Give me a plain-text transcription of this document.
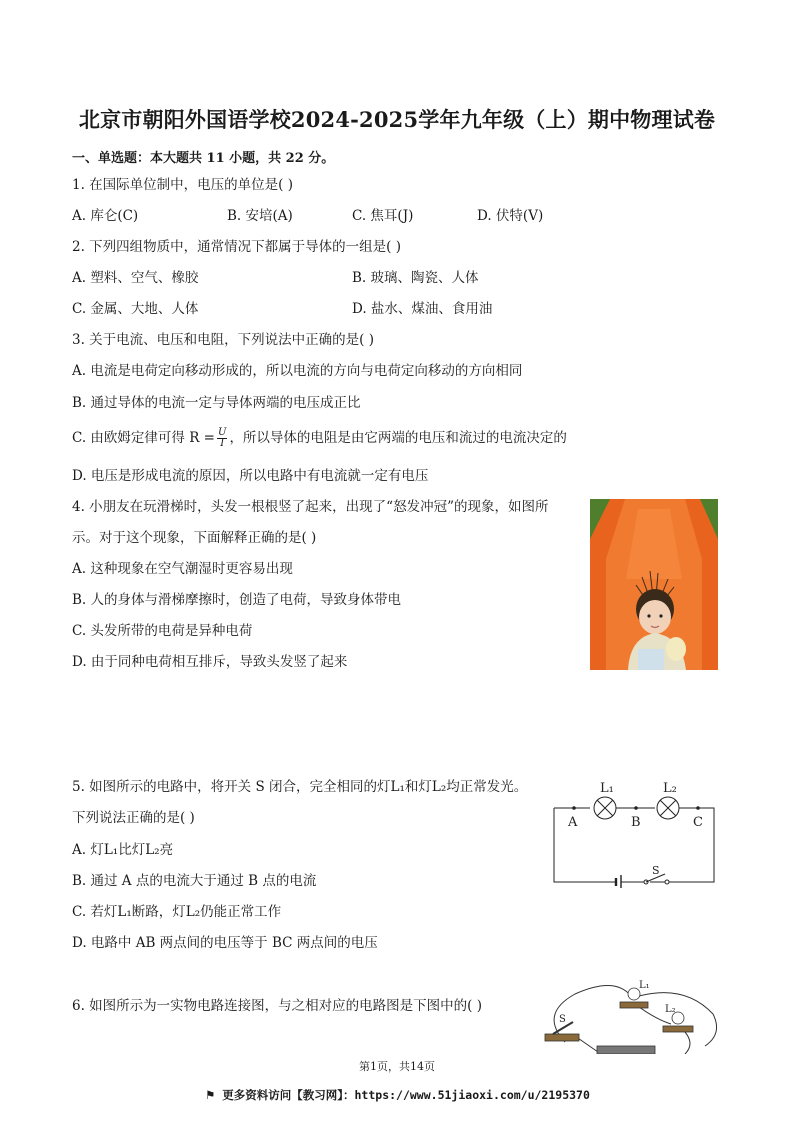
北京市朝阳外国语学校2024-2025学年九年级（上）期中物理试卷
一、单选题：本大题共 11 小题，共 22 分。
1. 在国际单位制中，电压的单位是( )
A. 库仑(C)	B. 安培(A)	C. 焦耳(J)	D. 伏特(V)
2. 下列四组物质中，通常情况下都属于导体的一组是( )
A. 塑料、空气、橡胶	B. 玻璃、陶瓷、人体
C. 金属、大地、人体	D. 盐水、煤油、食用油
3. 关于电流、电压和电阻，下列说法中正确的是( )
A. 电流是电荷定向移动形成的，所以电流的方向与电荷定向移动的方向相同
B. 通过导体的电流一定与导体两端的电压成正比
C. 由欧姆定律可得 $R = \frac{U}{I}$ ，所以导体的电阻是由它两端的电压和流过的电流决定的
D. 电压是形成电流的原因，所以电路中有电流就一定有电压
4. 小朋友在玩滑梯时，头发一根根竖了起来，出现了“怒发冲冠”的现象，如图所
示。对于这个现象，下面解释正确的是( )
A. 这种现象在空气潮湿时更容易出现
B. 人的身体与滑梯摩擦时，创造了电荷，导致身体带电
C. 头发所带的电荷是异种电荷
D. 由于同种电荷相互排斥，导致头发竖了起来
5. 如图所示的电路中，将开关 S 闭合，完全相同的灯L₁和灯L₂均正常发光。
下列说法正确的是( )
A. 灯L₁比灯L₂亮
B. 通过 A 点的电流大于通过 B 点的电流
C. 若灯L₁断路，灯L₂仍能正常工作
D. 电路中 AB 两点间的电压等于 BC 两点间的电压
L₁	L₂
A	B	C
S
6. 如图所示为一实物电路连接图，与之相对应的电路图是下图中的( )
L₁
L₂
S
第1页，共14页
⚑ 更多资料访问【教习网】：https://www.51jiaoxi.com/u/2195370
